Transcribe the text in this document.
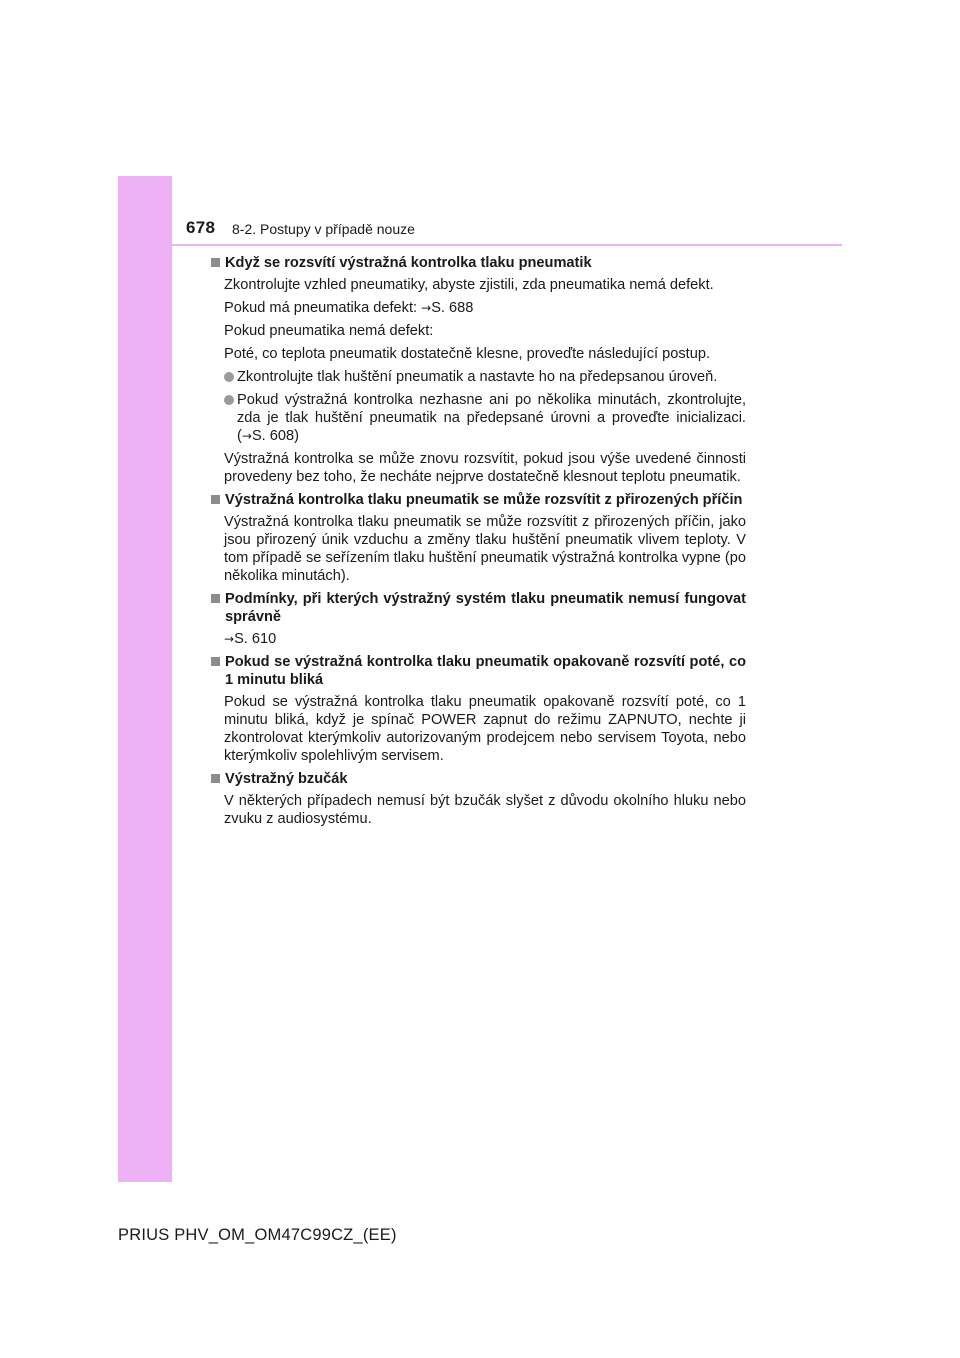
678 8-2. Postupy v případě nouze
Když se rozsvítí výstražná kontrolka tlaku pneumatik
Zkontrolujte vzhled pneumatiky, abyste zjistili, zda pneumatika nemá defekt.
Pokud má pneumatika defekt: →S. 688
Pokud pneumatika nemá defekt:
Poté, co teplota pneumatik dostatečně klesne, proveďte následující postup.
Zkontrolujte tlak huštění pneumatik a nastavte ho na předepsanou úroveň.
Pokud výstražná kontrolka nezhasne ani po několika minutách, zkontrolujte, zda je tlak huštění pneumatik na předepsané úrovni a proveďte inicializaci. (→S. 608)
Výstražná kontrolka se může znovu rozsvítit, pokud jsou výše uvedené činnosti provedeny bez toho, že necháte nejprve dostatečně klesnout teplotu pneumatik.
Výstražná kontrolka tlaku pneumatik se může rozsvítit z přirozených příčin
Výstražná kontrolka tlaku pneumatik se může rozsvítit z přirozených příčin, jako jsou přirozený únik vzduchu a změny tlaku huštění pneumatik vlivem teploty. V tom případě se seřízením tlaku huštění pneumatik výstražná kontrolka vypne (po několika minutách).
Podmínky, při kterých výstražný systém tlaku pneumatik nemusí fungovat správně
→S. 610
Pokud se výstražná kontrolka tlaku pneumatik opakovaně rozsvítí poté, co 1 minutu bliká
Pokud se výstražná kontrolka tlaku pneumatik opakovaně rozsvítí poté, co 1 minutu bliká, když je spínač POWER zapnut do režimu ZAPNUTO, nechte ji zkontrolovat kterýmkoliv autorizovaným prodejcem nebo servisem Toyota, nebo kterýmkoliv spolehlivým servisem.
Výstražný bzučák
V některých případech nemusí být bzučák slyšet z důvodu okolního hluku nebo zvuku z audiosystému.
PRIUS PHV_OM_OM47C99CZ_(EE)
